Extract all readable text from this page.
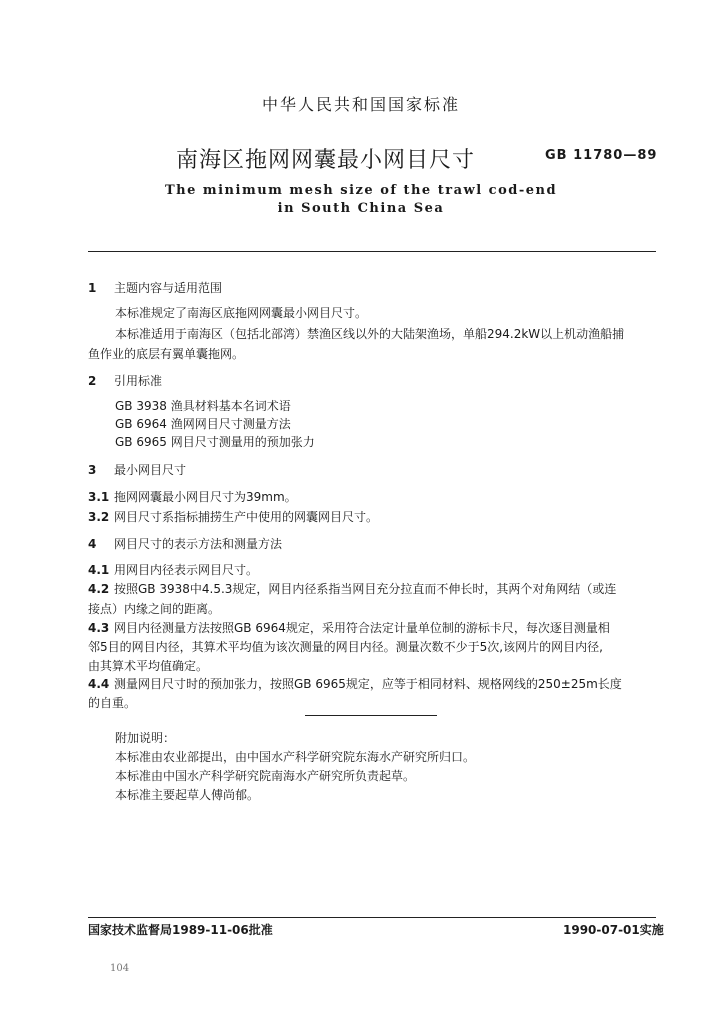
中华人民共和国国家标准
南海区拖网网囊最小网目尺寸	GB 11780—89
The minimum mesh size of the trawl cod-end
in South China Sea
1 主题内容与适用范围
本标准规定了南海区底拖网网囊最小网目尺寸。
本标准适用于南海区（包括北部湾）禁渔区线以外的大陆架渔场，单船294.2kW以上机动渔船捕
鱼作业的底层有翼单囊拖网。
2 引用标准
GB 3938 渔具材料基本名词术语
GB 6964 渔网网目尺寸测量方法
GB 6965 网目尺寸测量用的预加张力
3 最小网目尺寸
3.1 拖网网囊最小网目尺寸为39mm。
3.2 网目尺寸系指标捕捞生产中使用的网囊网目尺寸。
4 网目尺寸的表示方法和测量方法
4.1 用网目内径表示网目尺寸。
4.2 按照GB 3938中4.5.3规定，网目内径系指当网目充分拉直而不伸长时，其两个对角网结（或连
接点）内缘之间的距离。
4.3 网目内径测量方法按照GB 6964规定，采用符合法定计量单位制的游标卡尺，每次逐目测量相
邻5目的网目内径，其算术平均值为该次测量的网目内径。测量次数不少于5次,该网片的网目内径,
由其算术平均值确定。
4.4 测量网目尺寸时的预加张力，按照GB 6965规定，应等于相同材料、规格网线的250±25m长度
的自重。
附加说明：
本标准由农业部提出，由中国水产科学研究院东海水产研究所归口。
本标准由中国水产科学研究院南海水产研究所负责起草。
本标准主要起草人傅尚郁。
国家技术监督局1989-11-06批准	1990-07-01实施
104
